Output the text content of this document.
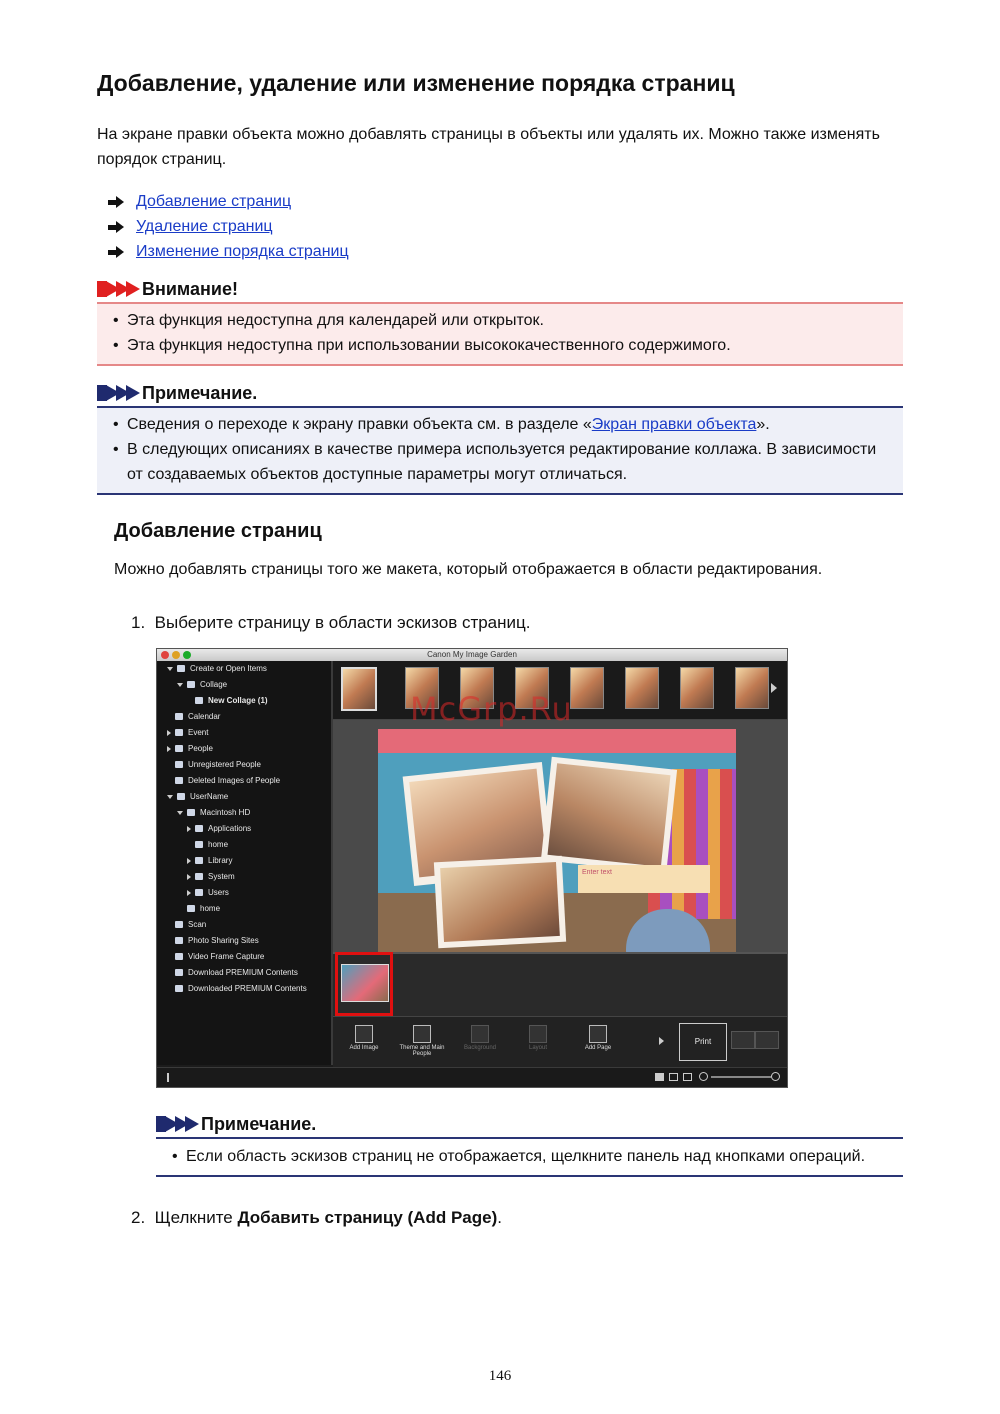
Добавление, удаление или изменение порядка страниц
На экране правки объекта можно добавлять страницы в объекты или удалять их. Можно также изменять порядок страниц.
Добавление страниц
Удаление страниц
Изменение порядка страниц
Внимание!
• Эта функция недоступна для календарей или открыток.
• Эта функция недоступна при использовании высококачественного содержимого.
Примечание.
• Сведения о переходе к экрану правки объекта см. в разделе «Экран правки объекта».
• В следующих описаниях в качестве примера используется редактирование коллажа. В зависимости от создаваемых объектов доступные параметры могут отличаться.
Добавление страниц
Можно добавлять страницы того же макета, который отображается в области редактирования.
1. Выберите страницу в области эскизов страниц.
Canon My Image Garden
Create or Open Items
Collage
New Collage (1)
Calendar
Event
People
Unregistered People
Deleted Images of People
UserName
Macintosh HD
Applications
home
Library
System
Users
home
Scan
Photo Sharing Sites
Video Frame Capture
Download PREMIUM Contents
Downloaded PREMIUM Contents
Enter text
Add Image	Theme and Main People
Background	Layout	Add Page
Print
McGrp.Ru
Примечание.
• Если область эскизов страниц не отображается, щелкните панель над кнопками операций.
2. Щелкните Добавить страницу (Add Page).
146
